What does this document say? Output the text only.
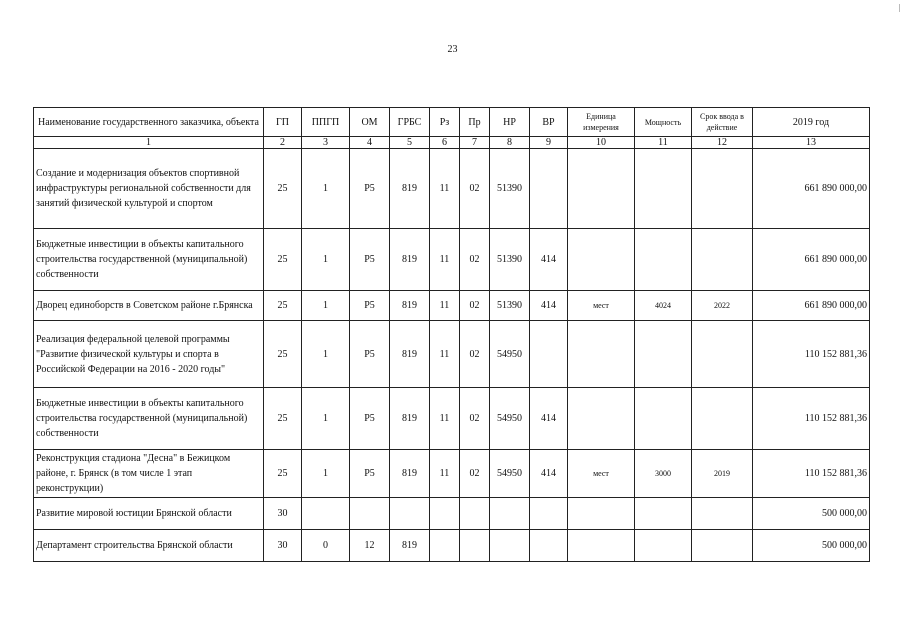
23
Наименование государственного заказчика, объекта	ГП	ППГП	ОМ	ГРБС	Рз	Пр	НР	ВР	Единица измерения	Мощность	Срок ввода в действие	2019 год
1	2	3	4	5	6	7	8	9	10	11	12	13
Создание и модернизация объектов спортивной инфраструктуры региональной собственности для занятий физической культурой и спортом	25	1	P5	819	11	02	51390					661 890 000,00
Бюджетные инвестиции в объекты капитального строительства государственной (муниципальной) собственности	25	1	P5	819	11	02	51390	414				661 890 000,00
Дворец единоборств в Советском районе г.Брянска	25	1	P5	819	11	02	51390	414	мест	4024	2022	661 890 000,00
Реализация федеральной целевой программы "Развитие физической культуры и спорта в Российской Федерации на 2016 - 2020 годы"	25	1	P5	819	11	02	54950					110 152 881,36
Бюджетные инвестиции в объекты капитального строительства государственной (муниципальной) собственности	25	1	P5	819	11	02	54950	414				110 152 881,36
Реконструкция стадиона "Десна" в Бежицком районе, г. Брянск (в том числе 1 этап реконструкции)	25	1	P5	819	11	02	54950	414	мест	3000	2019	110 152 881,36
Развитие мировой юстиции Брянской области	30											500 000,00
Департамент строительства Брянской области	30	0	12	819								500 000,00
